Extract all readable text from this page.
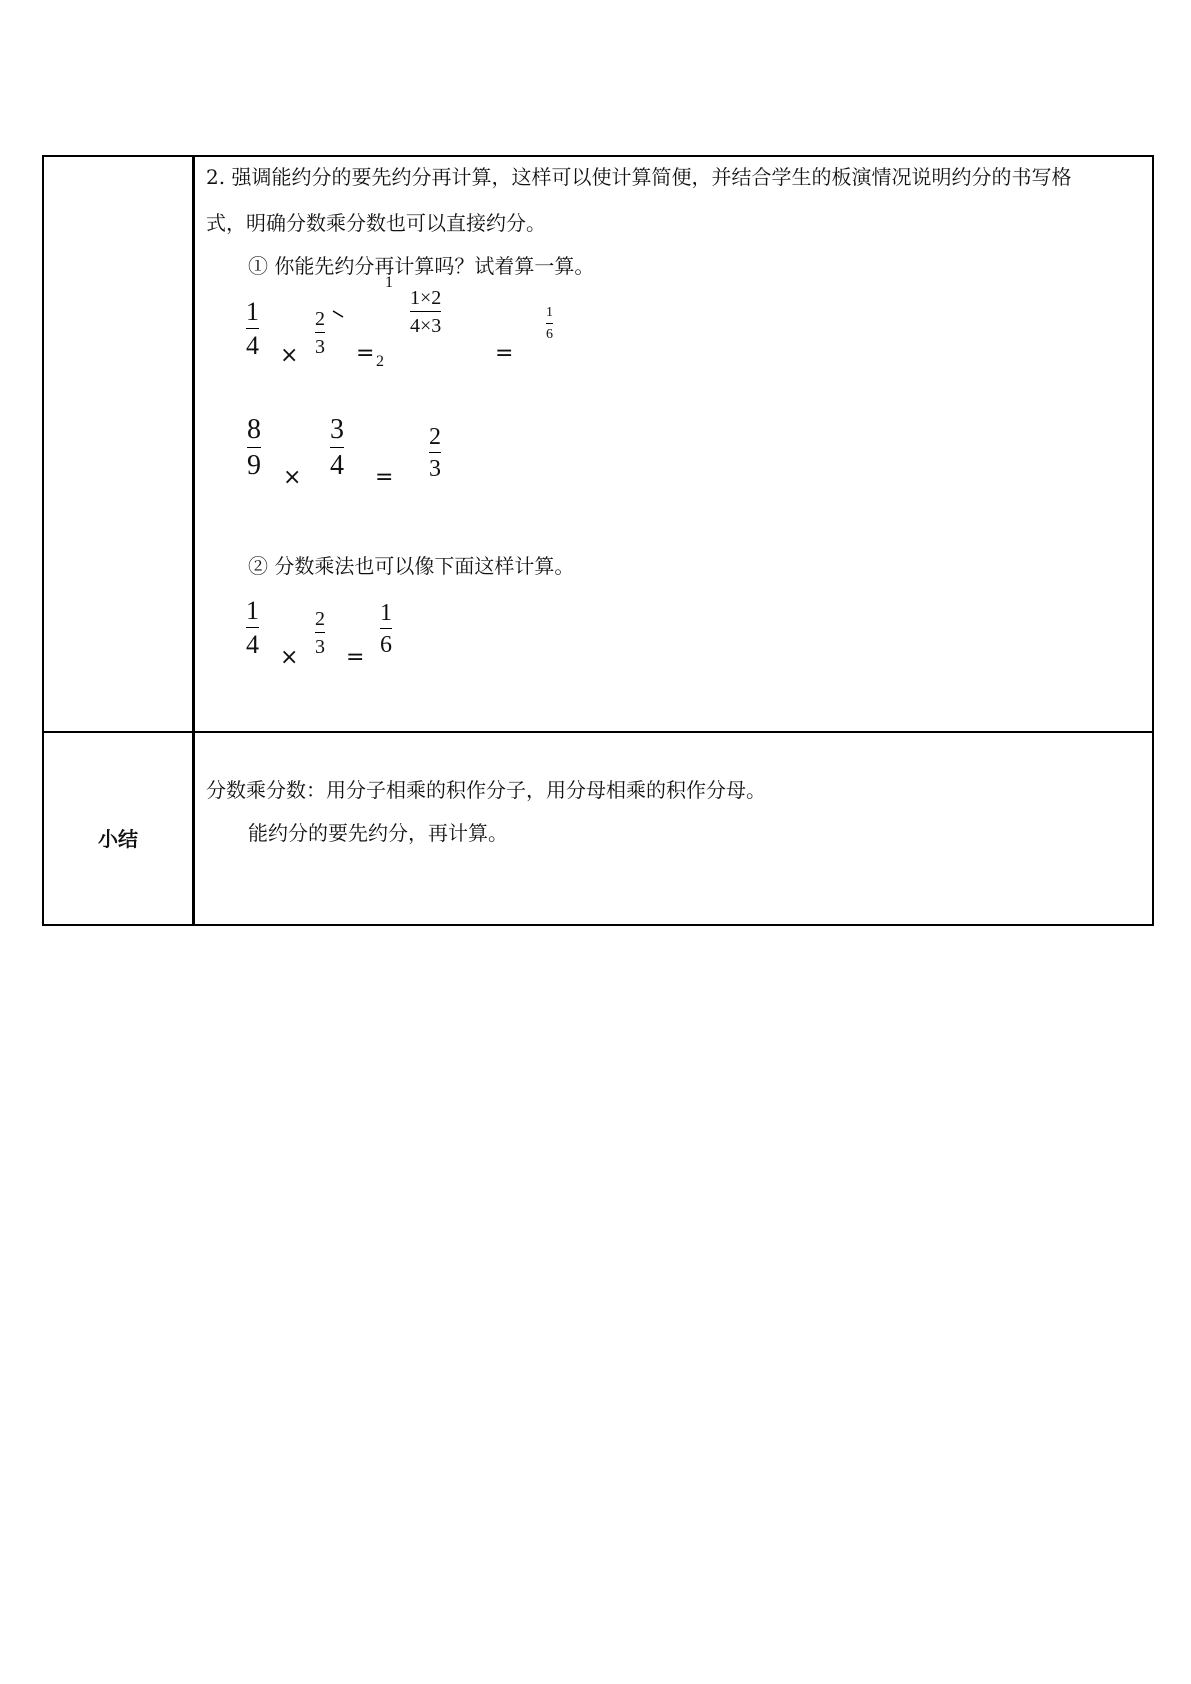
2. 强调能约分的要先约分再计算，这样可以使计算简便，并结合学生的板演情况说明约分的书写格
式，明确分数乘分数也可以直接约分。
① 你能先约分再计算吗？试着算一算。
1
4 ×
2
3
1
= 2
1×2
4×3
=
1
6
8
9 ×
3
4 =
2
3
② 分数乘法也可以像下面这样计算。
1
4 ×
2
3 =
1
6
小结
分数乘分数：用分子相乘的积作分子，用分母相乘的积作分母。
能约分的要先约分，再计算。
